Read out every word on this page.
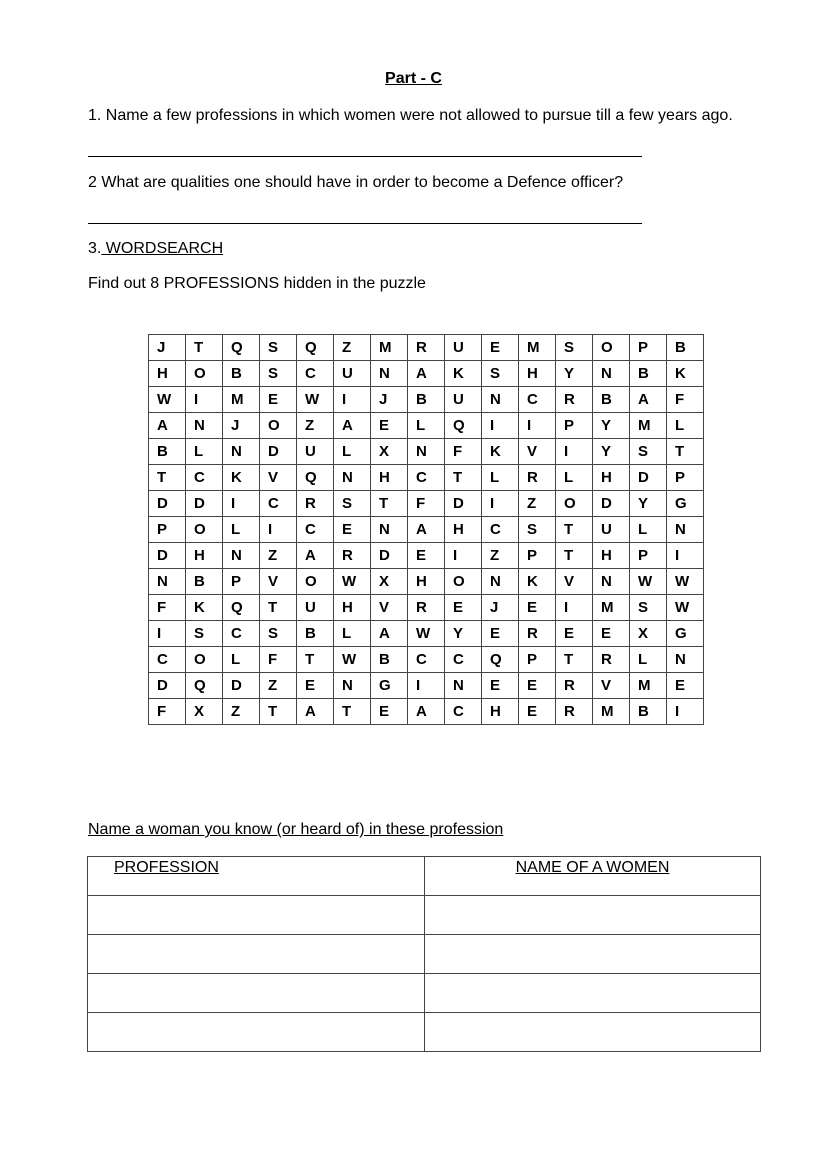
Part - C
1. Name a few professions in which women were not allowed to pursue till a few years ago.
2 What are qualities one should have in order to become a Defence officer?
3. WORDSEARCH
Find out 8 PROFESSIONS hidden in the puzzle
J	T	Q	S	Q	Z	M	R	U	E	M	S	O	P	B
H	O	B	S	C	U	N	A	K	S	H	Y	N	B	K
W	I	M	E	W	I	J	B	U	N	C	R	B	A	F
A	N	J	O	Z	A	E	L	Q	I	I	P	Y	M	L
B	L	N	D	U	L	X	N	F	K	V	I	Y	S	T
T	C	K	V	Q	N	H	C	T	L	R	L	H	D	P
D	D	I	C	R	S	T	F	D	I	Z	O	D	Y	G
P	O	L	I	C	E	N	A	H	C	S	T	U	L	N
D	H	N	Z	A	R	D	E	I	Z	P	T	H	P	I
N	B	P	V	O	W	X	H	O	N	K	V	N	W	W
F	K	Q	T	U	H	V	R	E	J	E	I	M	S	W
I	S	C	S	B	L	A	W	Y	E	R	E	E	X	G
C	O	L	F	T	W	B	C	C	Q	P	T	R	L	N
D	Q	D	Z	E	N	G	I	N	E	E	R	V	M	E
F	X	Z	T	A	T	E	A	C	H	E	R	M	B	I
Name a woman you know (or heard of) in these profession
PROFESSION	NAME OF A WOMEN
